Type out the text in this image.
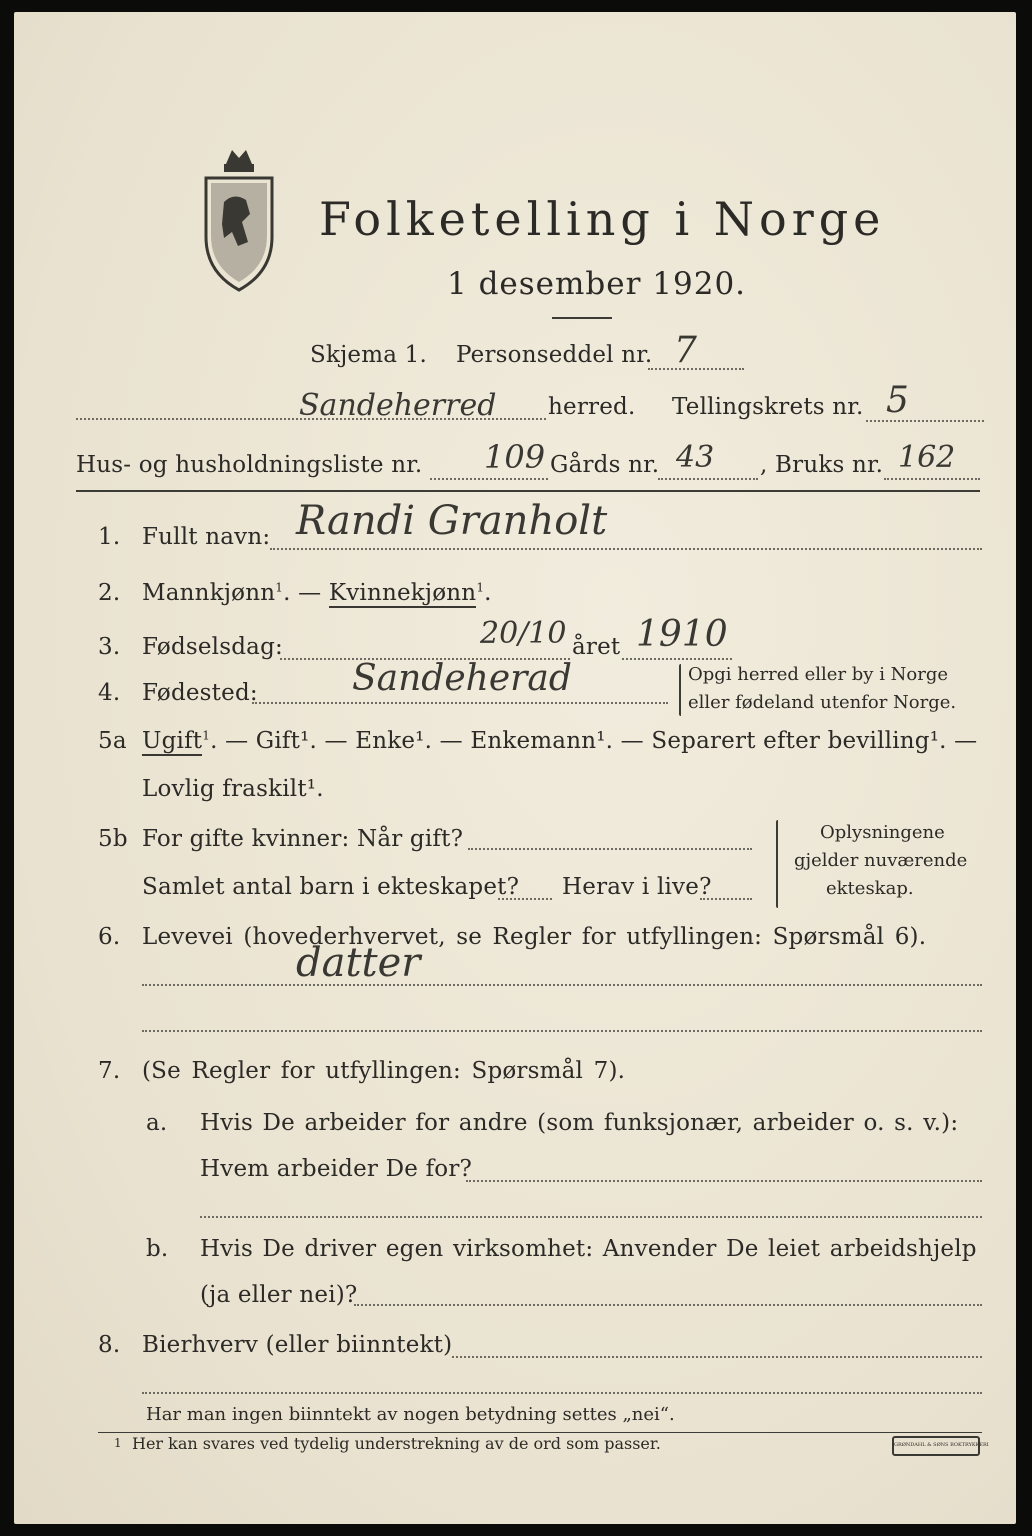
Folketelling i Norge
1 desember 1920.
Skjema 1. Personseddel nr. 7
Sandeherred herred. Tellingskrets nr. 5
Hus- og husholdningsliste nr. 109 Gårds nr. 43 , Bruks nr. 162
1. Fullt navn: Randi Granholt
2. Mannkjønn$^1$. — Kvinnekjønn$^1$.
3. Fødselsdag:	20/10 året 1910
4. Fødested:	Sandeherad	Opgi herred eller by i Norge
eller fødeland utenfor Norge.
5a Ugift$^1$. — Gift¹. — Enke¹. — Enkemann¹. — Separert efter bevilling¹. —
Lovlig fraskilt¹.
5b For gifte kvinner: Når gift?
Samlet antal barn i ekteskapet? Herav i live?
Oplysningene
gjelder nuværende
ekteskap.
6. Levevei (hovederhvervet, se Regler for utfyllingen: Spørsmål 6).
datter
7. (Se Regler for utfyllingen: Spørsmål 7).
a. Hvis De arbeider for andre (som funksjonær, arbeider o. s. v.):
Hvem arbeider De for?
b. Hvis De driver egen virksomhet: Anvender De leiet arbeidshjelp
(ja eller nei)?
8. Bierhverv (eller biinntekt)
Har man ingen biinntekt av nogen betydning settes „nei“.
1 Her kan svares ved tydelig understrekning av de ord som passer.	GRØNDAHL & SØNS BOKTRYKKERI
